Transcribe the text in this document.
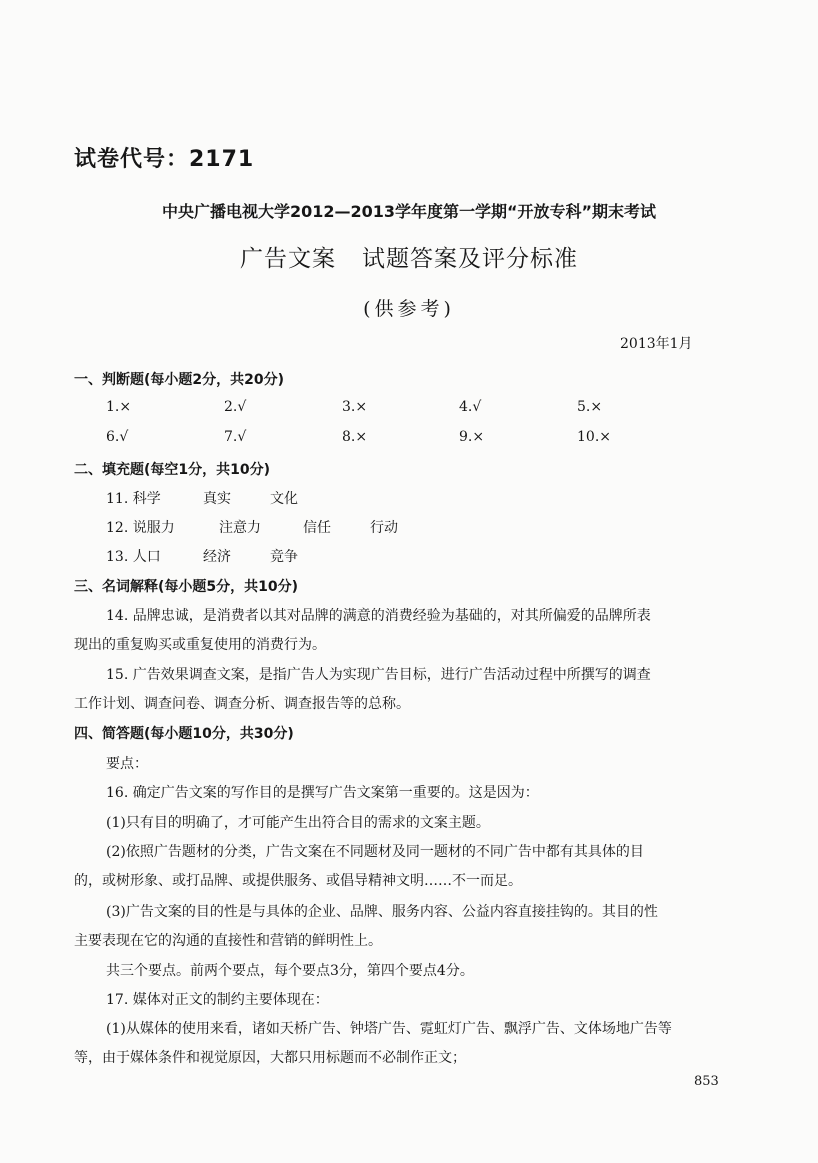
试卷代号：2171
中央广播电视大学2012—2013学年度第一学期“开放专科”期末考试
广告文案 试题答案及评分标准
(供参考)
2013年1月
一、判断题(每小题2分，共20分)
1.×	2.√	3.×	4.√	5.×
6.√	7.√	8.×	9.×	10.×
二、填充题(每空1分，共10分)
11. 科学	真实	文化
12. 说服力	注意力	信任	行动
13. 人口	经济	竞争
三、名词解释(每小题5分，共10分)
14. 品牌忠诚，是消费者以其对品牌的满意的消费经验为基础的，对其所偏爱的品牌所表
现出的重复购买或重复使用的消费行为。
15. 广告效果调查文案，是指广告人为实现广告目标，进行广告活动过程中所撰写的调查
工作计划、调查问卷、调查分析、调查报告等的总称。
四、简答题(每小题10分，共30分)
要点：
16. 确定广告文案的写作目的是撰写广告文案第一重要的。这是因为：
(1)只有目的明确了，才可能产生出符合目的需求的文案主题。
(2)依照广告题材的分类，广告文案在不同题材及同一题材的不同广告中都有其具体的目
的，或树形象、或打品牌、或提供服务、或倡导精神文明……不一而足。
(3)广告文案的目的性是与具体的企业、品牌、服务内容、公益内容直接挂钩的。其目的性
主要表现在它的沟通的直接性和营销的鲜明性上。
共三个要点。前两个要点，每个要点3分，第四个要点4分。
17. 媒体对正文的制约主要体现在：
(1)从媒体的使用来看，诸如天桥广告、钟塔广告、霓虹灯广告、飘浮广告、文体场地广告等
等，由于媒体条件和视觉原因，大都只用标题而不必制作正文；
853
